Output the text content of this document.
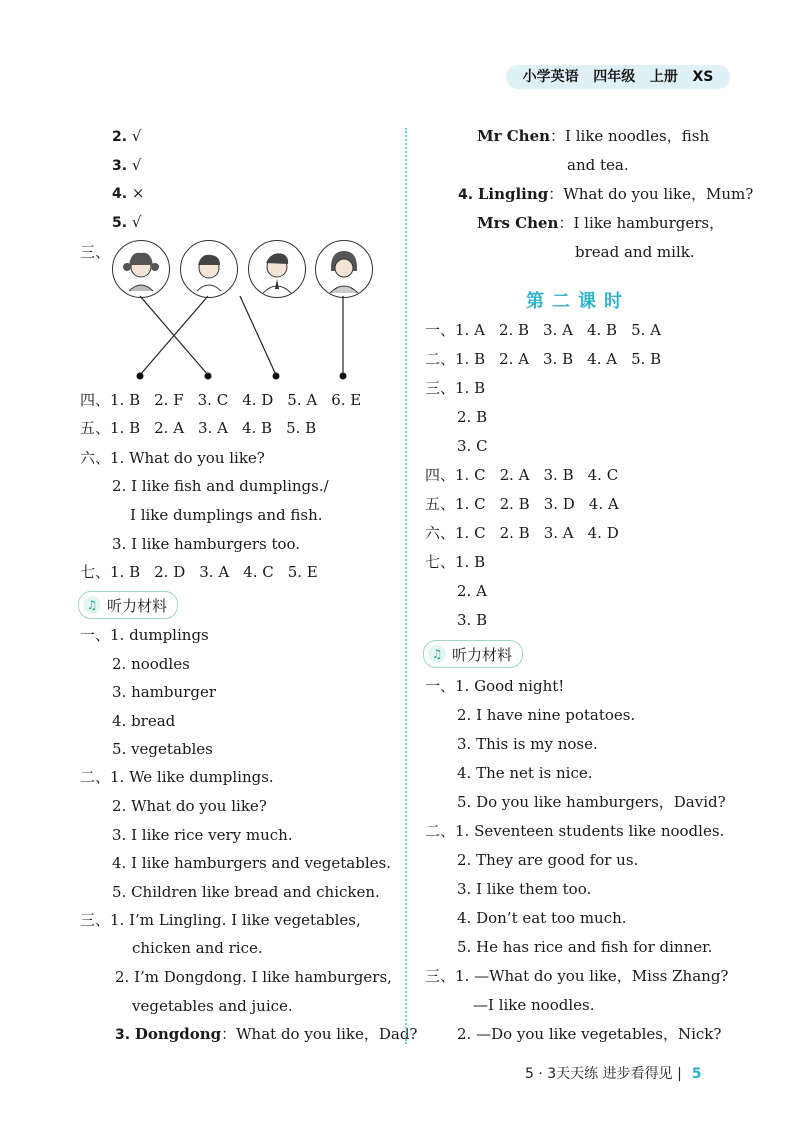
小学英语   四年级   上册   XS
2. √
3. √
4. ×
5. √
三、
四、1. B 2. F 3. C 4. D 5. A 6. E
五、1. B 2. A 3. A 4. B 5. B
六、1. What do you like?
2. I like fish and dumplings./
I like dumplings and fish.
3. I like hamburgers too.
七、1. B 2. D 3. A 4. C 5. E
♫ 听力材料
一、1. dumplings
2. noodles
3. hamburger
4. bread
5. vegetables
二、1. We like dumplings.
2. What do you like?
3. I like rice very much.
4. I like hamburgers and vegetables.
5. Children like bread and chicken.
三、1. I’m Lingling. I like vegetables,
chicken and rice.
2. I’m Dongdong. I like hamburgers,
vegetables and juice.
3. Dongdong：What do you like，Dad?
Mr Chen：I like noodles，fish
and tea.
4. Lingling：What do you like，Mum?
Mrs Chen：I like hamburgers，
bread and milk.
第二课时
一、1. A 2. B 3. A 4. B 5. A
二、1. B 2. A 3. B 4. A 5. B
三、1. B
2. B
3. C
四、1. C 2. A 3. B 4. C
五、1. C 2. B 3. D 4. A
六、1. C 2. B 3. A 4. D
七、1. B
2. A
3. B
♫ 听力材料
一、1. Good night!
2. I have nine potatoes.
3. This is my nose.
4. The net is nice.
5. Do you like hamburgers，David?
二、1. Seventeen students like noodles.
2. They are good for us.
3. I like them too.
4. Don’t eat too much.
5. He has rice and fish for dinner.
三、1. —What do you like，Miss Zhang?
—I like noodles.
2. —Do you like vegetables，Nick?
5 · 3天天练 进步看得见 | 5
